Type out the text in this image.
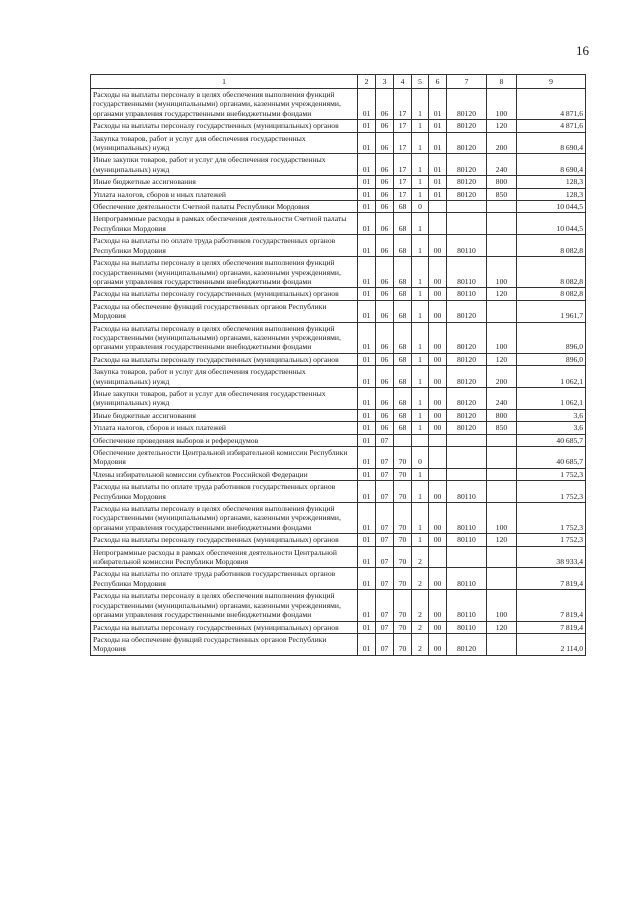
16
1	2	3	4	5	6	7	8	9
Расходы на выплаты персоналу в целях обеспечения выполнения функций государственными (муниципальными) органами, казенными учреждениями, органами управления государственными внебюджетными фондами	01	06	17	1	01	80120	100	4 871,6
Расходы на выплаты персоналу государственных (муниципальных) органов	01	06	17	1	01	80120	120	4 871,6
Закупка товаров, работ и услуг для обеспечения государственных (муниципальных) нужд	01	06	17	1	01	80120	200	8 690,4
Иные закупки товаров, работ и услуг для обеспечения государственных (муниципальных) нужд	01	06	17	1	01	80120	240	8 690,4
Иные бюджетные ассигнования	01	06	17	1	01	80120	800	128,3
Уплата налогов, сборов и иных платежей	01	06	17	1	01	80120	850	128,3
Обеспечение деятельности Счетной палаты Республики Мордовия	01	06	68	0				10 044,5
Непрограммные расходы в рамках обеспечения деятельности Счетной палаты Республики Мордовия	01	06	68	1				10 044,5
Расходы на выплаты по оплате труда работников государственных органов Республики Мордовия	01	06	68	1	00	80110		8 082,8
Расходы на выплаты персоналу в целях обеспечения выполнения функций государственными (муниципальными) органами, казенными учреждениями, органами управления государственными внебюджетными фондами	01	06	68	1	00	80110	100	8 082,8
Расходы на выплаты персоналу государственных (муниципальных) органов	01	06	68	1	00	80110	120	8 082,8
Расходы на обеспечение функций государственных органов Республики Мордовия	01	06	68	1	00	80120		1 961,7
Расходы на выплаты персоналу в целях обеспечения выполнения функций государственными (муниципальными) органами, казенными учреждениями, органами управления государственными внебюджетными фондами	01	06	68	1	00	80120	100	896,0
Расходы на выплаты персоналу государственных (муниципальных) органов	01	06	68	1	00	80120	120	896,0
Закупка товаров, работ и услуг для обеспечения государственных (муниципальных) нужд	01	06	68	1	00	80120	200	1 062,1
Иные закупки товаров, работ и услуг для обеспечения государственных (муниципальных) нужд	01	06	68	1	00	80120	240	1 062,1
Иные бюджетные ассигнования	01	06	68	1	00	80120	800	3,6
Уплата налогов, сборов и иных платежей	01	06	68	1	00	80120	850	3,6
Обеспечение проведения выборов и референдумов	01	07						40 685,7
Обеспечение деятельности Центральной избирательной комиссии Республики Мордовия	01	07	70	0				40 685,7
Члены избирательной комиссии субъектов Российской Федерации	01	07	70	1				1 752,3
Расходы на выплаты по оплате труда работников государственных органов Республики Мордовия	01	07	70	1	00	80110		1 752,3
Расходы на выплаты персоналу в целях обеспечения выполнения функций государственными (муниципальными) органами, казенными учреждениями, органами управления государственными внебюджетными фондами	01	07	70	1	00	80110	100	1 752,3
Расходы на выплаты персоналу государственных (муниципальных) органов	01	07	70	1	00	80110	120	1 752,3
Непрограммные расходы в рамках обеспечения деятельности Центральной избирательной комиссии Республики Мордовия	01	07	70	2				38 933,4
Расходы на выплаты по оплате труда работников государственных органов Республики Мордовия	01	07	70	2	00	80110		7 819,4
Расходы на выплаты персоналу в целях обеспечения выполнения функций государственными (муниципальными) органами, казенными учреждениями, органами управления государственными внебюджетными фондами	01	07	70	2	00	80110	100	7 819,4
Расходы на выплаты персоналу государственных (муниципальных) органов	01	07	70	2	00	80110	120	7 819,4
Расходы на обеспечение функций государственных органов Республики Мордовия	01	07	70	2	00	80120		2 114,0
